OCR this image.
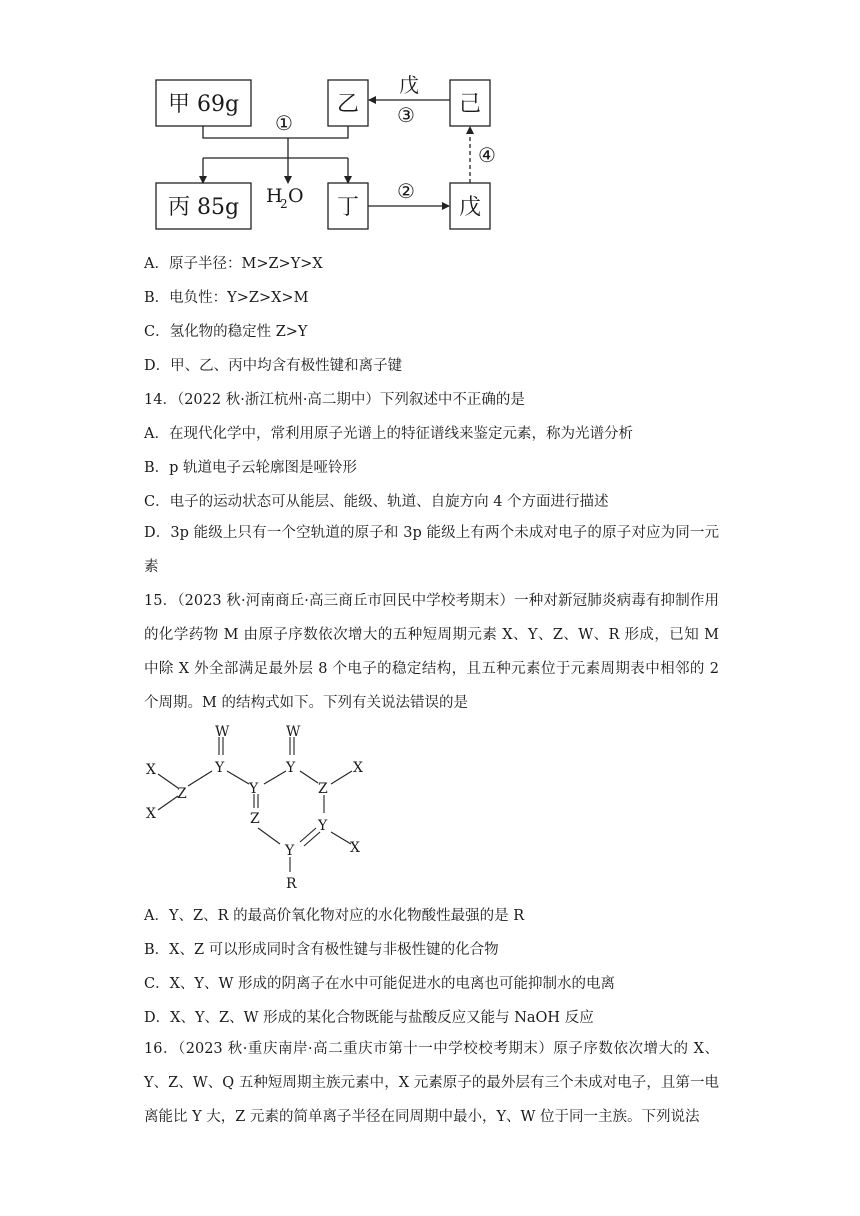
甲 69g	乙	己
丙 85g	丁	戊
①	③
戊
②
④
H
2 O
A．原子半径：M>Z>Y>X
B．电负性：Y>Z>X>M
C．氢化物的稳定性 Z>Y
D．甲、乙、丙中均含有极性键和离子键
14．（2022 秋·浙江杭州·高二期中）下列叙述中不正确的是
A．在现代化学中，常利用原子光谱上的特征谱线来鉴定元素，称为光谱分析
B．p 轨道电子云轮廓图是哑铃形
C．电子的运动状态可从能层、能级、轨道、自旋方向 4 个方面进行描述
D．3p 能级上只有一个空轨道的原子和 3p 能级上有两个未成对电子的原子对应为同一元素
15．（2023 秋·河南商丘·高三商丘市回民中学校考期末）一种对新冠肺炎病毒有抑制作用的化学药物 M 由原子序数依次增大的五种短周期元素 X、Y、Z、W、R 形成，已知 M 中除 X 外全部满足最外层 8 个电子的稳定结构，且五种元素位于元素周期表中相邻的 2 个周期。M 的结构式如下。下列有关说法错误的是
X
X
Z
W
Y
Y
W
Y	X
Z
Z	Y
X
Y
R
A．Y、Z、R 的最高价氧化物对应的水化物酸性最强的是 R
B．X、Z 可以形成同时含有极性键与非极性键的化合物
C．X、Y、W 形成的阴离子在水中可能促进水的电离也可能抑制水的电离
D．X、Y、Z、W 形成的某化合物既能与盐酸反应又能与 NaOH 反应
16．（2023 秋·重庆南岸·高二重庆市第十一中学校校考期末）原子序数依次增大的 X、Y、Z、W、Q 五种短周期主族元素中，X 元素原子的最外层有三个未成对电子，且第一电离能比 Y 大，Z 元素的简单离子半径在同周期中最小，Y、W 位于同一主族。下列说法
